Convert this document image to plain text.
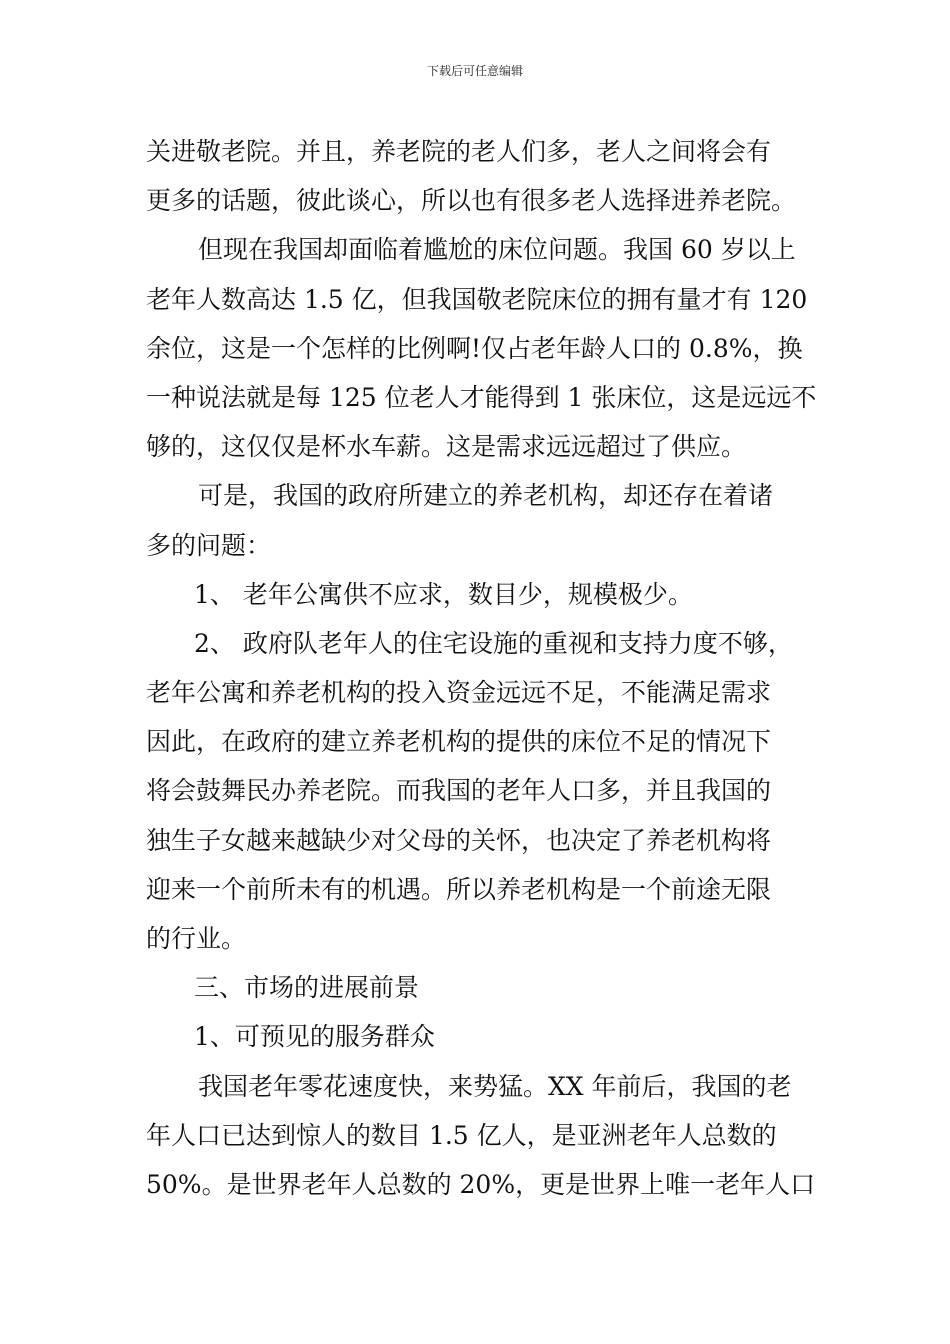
下载后可任意编辑
关进敬老院。并且，养老院的老人们多，老人之间将会有
更多的话题，彼此谈心，所以也有很多老人选择进养老院。
但现在我国却面临着尴尬的床位问题。我国 60 岁以上
老年人数高达 1.5 亿，但我国敬老院床位的拥有量才有 120
余位，这是一个怎样的比例啊!仅占老年龄人口的 0.8%，换
一种说法就是每 125 位老人才能得到 1 张床位，这是远远不
够的，这仅仅是杯水车薪。这是需求远远超过了供应。
可是，我国的政府所建立的养老机构，却还存在着诸
多的问题：
1、 老年公寓供不应求，数目少，规模极少。
2、 政府队老年人的住宅设施的重视和支持力度不够，
老年公寓和养老机构的投入资金远远不足，不能满足需求
因此，在政府的建立养老机构的提供的床位不足的情况下
将会鼓舞民办养老院。而我国的老年人口多，并且我国的
独生子女越来越缺少对父母的关怀，也决定了养老机构将
迎来一个前所未有的机遇。所以养老机构是一个前途无限
的行业。
三、市场的进展前景
1、可预见的服务群众
我国老年零花速度快，来势猛。XX 年前后，我国的老
年人口已达到惊人的数目 1.5 亿人，是亚洲老年人总数的
50%。是世界老年人总数的 20%，更是世界上唯一老年人口
